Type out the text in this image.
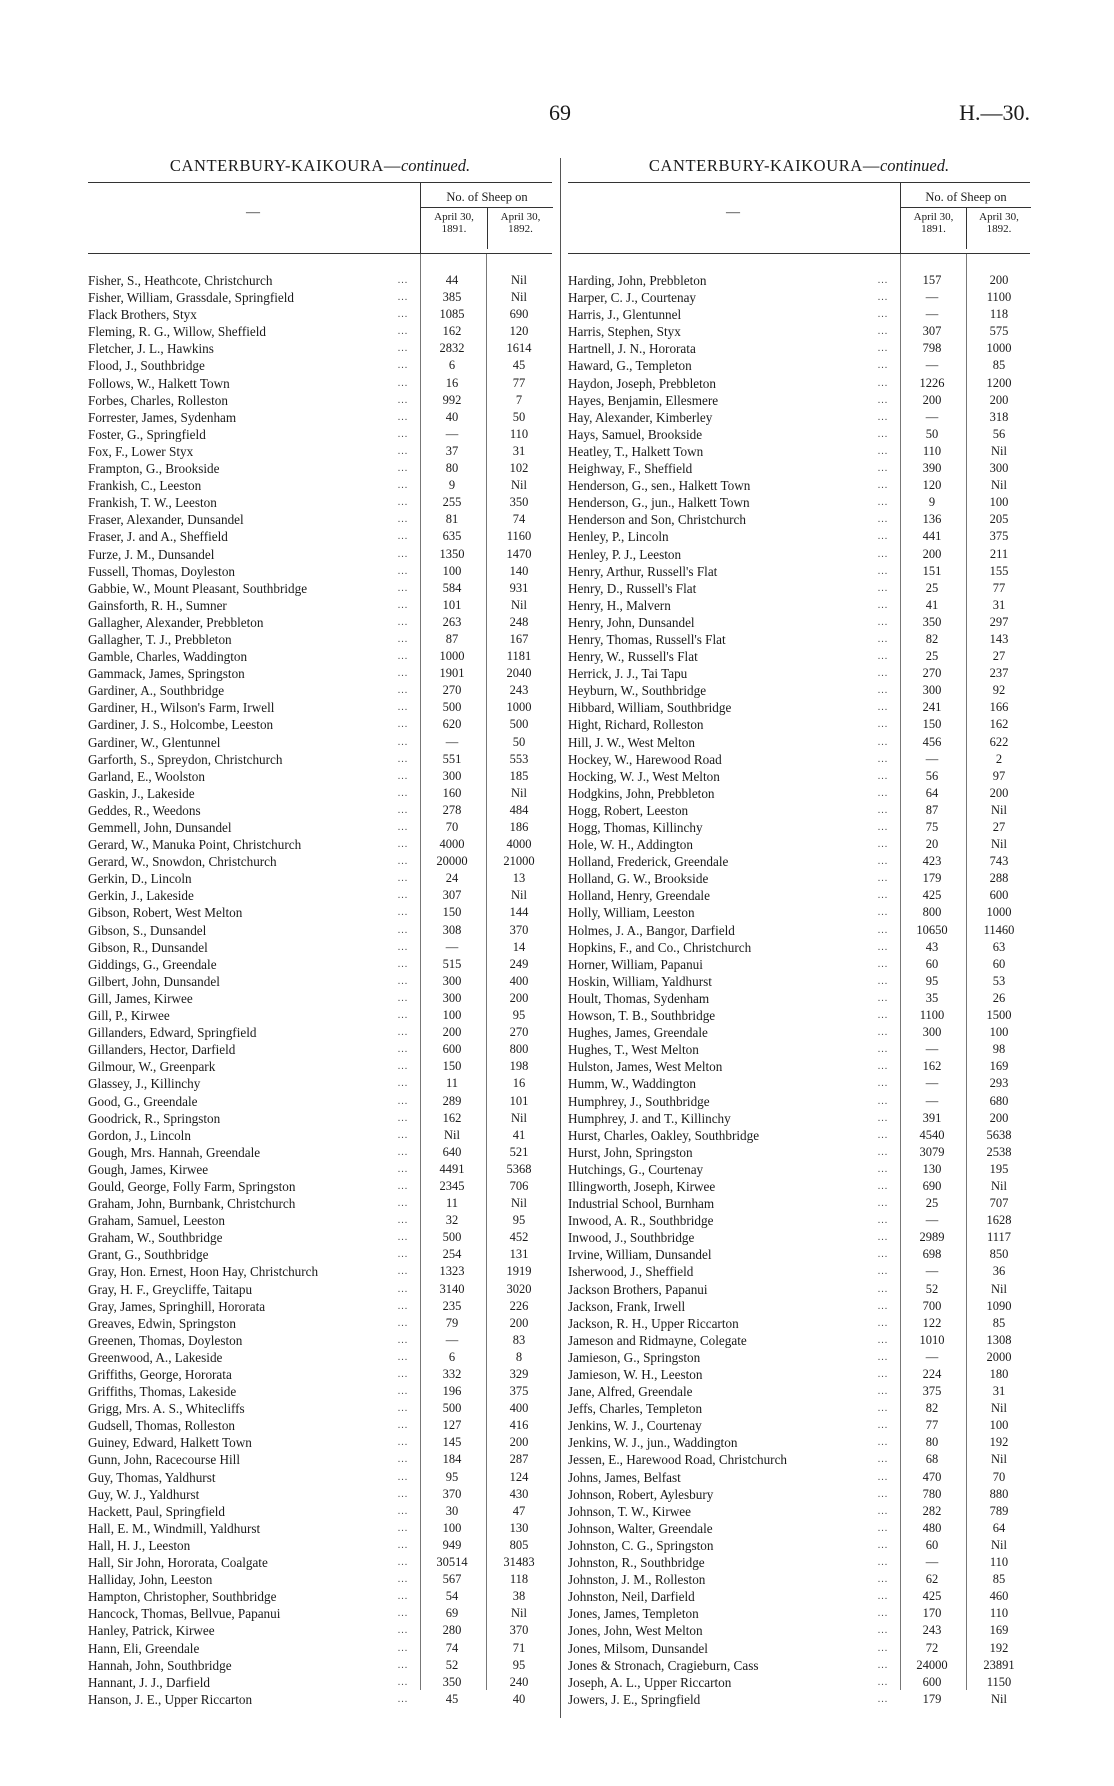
69	H.—30.
CANTERBURY-KAIKOURA—continued.
—
No. of Sheep on
April 30,
1891.
April 30,
1892.
Fisher, S., Heathcote, Christchurch	...	44	Nil
Fisher, William, Grassdale, Springfield	...	385	Nil
Flack Brothers, Styx	...	1085	690
Fleming, R. G., Willow, Sheffield	...	162	120
Fletcher, J. L., Hawkins	...	2832	1614
Flood, J., Southbridge	...	6	45
Follows, W., Halkett Town	...	16	77
Forbes, Charles, Rolleston	...	992	7
Forrester, James, Sydenham	...	40	50
Foster, G., Springfield	...	—	110
Fox, F., Lower Styx	...	37	31
Frampton, G., Brookside	...	80	102
Frankish, C., Leeston	...	9	Nil
Frankish, T. W., Leeston	...	255	350
Fraser, Alexander, Dunsandel	...	81	74
Fraser, J. and A., Sheffield	...	635	1160
Furze, J. M., Dunsandel	...	1350	1470
Fussell, Thomas, Doyleston	...	100	140
Gabbie, W., Mount Pleasant, Southbridge	...	584	931
Gainsforth, R. H., Sumner	...	101	Nil
Gallagher, Alexander, Prebbleton	...	263	248
Gallagher, T. J., Prebbleton	...	87	167
Gamble, Charles, Waddington	...	1000	1181
Gammack, James, Springston	...	1901	2040
Gardiner, A., Southbridge	...	270	243
Gardiner, H., Wilson's Farm, Irwell	...	500	1000
Gardiner, J. S., Holcombe, Leeston	...	620	500
Gardiner, W., Glentunnel	...	—	50
Garforth, S., Spreydon, Christchurch	...	551	553
Garland, E., Woolston	...	300	185
Gaskin, J., Lakeside	...	160	Nil
Geddes, R., Weedons	...	278	484
Gemmell, John, Dunsandel	...	70	186
Gerard, W., Manuka Point, Christchurch	...	4000	4000
Gerard, W., Snowdon, Christchurch	...	20000	21000
Gerkin, D., Lincoln	...	24	13
Gerkin, J., Lakeside	...	307	Nil
Gibson, Robert, West Melton	...	150	144
Gibson, S., Dunsandel	...	308	370
Gibson, R., Dunsandel	...	—	14
Giddings, G., Greendale	...	515	249
Gilbert, John, Dunsandel	...	300	400
Gill, James, Kirwee	...	300	200
Gill, P., Kirwee	...	100	95
Gillanders, Edward, Springfield	...	200	270
Gillanders, Hector, Darfield	...	600	800
Gilmour, W., Greenpark	...	150	198
Glassey, J., Killinchy	...	11	16
Good, G., Greendale	...	289	101
Goodrick, R., Springston	...	162	Nil
Gordon, J., Lincoln	...	Nil	41
Gough, Mrs. Hannah, Greendale	...	640	521
Gough, James, Kirwee	...	4491	5368
Gould, George, Folly Farm, Springston	...	2345	706
Graham, John, Burnbank, Christchurch	...	11	Nil
Graham, Samuel, Leeston	...	32	95
Graham, W., Southbridge	...	500	452
Grant, G., Southbridge	...	254	131
Gray, Hon. Ernest, Hoon Hay, Christchurch	...	1323	1919
Gray, H. F., Greycliffe, Taitapu	...	3140	3020
Gray, James, Springhill, Hororata	...	235	226
Greaves, Edwin, Springston	...	79	200
Greenen, Thomas, Doyleston	...	—	83
Greenwood, A., Lakeside	...	6	8
Griffiths, George, Hororata	...	332	329
Griffiths, Thomas, Lakeside	...	196	375
Grigg, Mrs. A. S., Whitecliffs	...	500	400
Gudsell, Thomas, Rolleston	...	127	416
Guiney, Edward, Halkett Town	...	145	200
Gunn, John, Racecourse Hill	...	184	287
Guy, Thomas, Yaldhurst	...	95	124
Guy, W. J., Yaldhurst	...	370	430
Hackett, Paul, Springfield	...	30	47
Hall, E. M., Windmill, Yaldhurst	...	100	130
Hall, H. J., Leeston	...	949	805
Hall, Sir John, Hororata, Coalgate	...	30514	31483
Halliday, John, Leeston	...	567	118
Hampton, Christopher, Southbridge	...	54	38
Hancock, Thomas, Bellvue, Papanui	...	69	Nil
Hanley, Patrick, Kirwee	...	280	370
Hann, Eli, Greendale	...	74	71
Hannah, John, Southbridge	...	52	95
Hannant, J. J., Darfield	...	350	240
Hanson, J. E., Upper Riccarton	...	45	40
CANTERBURY-KAIKOURA—continued.
—
No. of Sheep on
April 30,
1891.
April 30,
1892.
Harding, John, Prebbleton	...	157	200
Harper, C. J., Courtenay	...	—	1100
Harris, J., Glentunnel	...	—	118
Harris, Stephen, Styx	...	307	575
Hartnell, J. N., Hororata	...	798	1000
Haward, G., Templeton	...	—	85
Haydon, Joseph, Prebbleton	...	1226	1200
Hayes, Benjamin, Ellesmere	...	200	200
Hay, Alexander, Kimberley	...	—	318
Hays, Samuel, Brookside	...	50	56
Heatley, T., Halkett Town	...	110	Nil
Heighway, F., Sheffield	...	390	300
Henderson, G., sen., Halkett Town	...	120	Nil
Henderson, G., jun., Halkett Town	...	9	100
Henderson and Son, Christchurch	...	136	205
Henley, P., Lincoln	...	441	375
Henley, P. J., Leeston	...	200	211
Henry, Arthur, Russell's Flat	...	151	155
Henry, D., Russell's Flat	...	25	77
Henry, H., Malvern	...	41	31
Henry, John, Dunsandel	...	350	297
Henry, Thomas, Russell's Flat	...	82	143
Henry, W., Russell's Flat	...	25	27
Herrick, J. J., Tai Tapu	...	270	237
Heyburn, W., Southbridge	...	300	92
Hibbard, William, Southbridge	...	241	166
Hight, Richard, Rolleston	...	150	162
Hill, J. W., West Melton	...	456	622
Hockey, W., Harewood Road	...	—	2
Hocking, W. J., West Melton	...	56	97
Hodgkins, John, Prebbleton	...	64	200
Hogg, Robert, Leeston	...	87	Nil
Hogg, Thomas, Killinchy	...	75	27
Hole, W. H., Addington	...	20	Nil
Holland, Frederick, Greendale	...	423	743
Holland, G. W., Brookside	...	179	288
Holland, Henry, Greendale	...	425	600
Holly, William, Leeston	...	800	1000
Holmes, J. A., Bangor, Darfield	...	10650	11460
Hopkins, F., and Co., Christchurch	...	43	63
Horner, William, Papanui	...	60	60
Hoskin, William, Yaldhurst	...	95	53
Hoult, Thomas, Sydenham	...	35	26
Howson, T. B., Southbridge	...	1100	1500
Hughes, James, Greendale	...	300	100
Hughes, T., West Melton	...	—	98
Hulston, James, West Melton	...	162	169
Humm, W., Waddington	...	—	293
Humphrey, J., Southbridge	...	—	680
Humphrey, J. and T., Killinchy	...	391	200
Hurst, Charles, Oakley, Southbridge	...	4540	5638
Hurst, John, Springston	...	3079	2538
Hutchings, G., Courtenay	...	130	195
Illingworth, Joseph, Kirwee	...	690	Nil
Industrial School, Burnham	...	25	707
Inwood, A. R., Southbridge	...	—	1628
Inwood, J., Southbridge	...	2989	1117
Irvine, William, Dunsandel	...	698	850
Isherwood, J., Sheffield	...	—	36
Jackson Brothers, Papanui	...	52	Nil
Jackson, Frank, Irwell	...	700	1090
Jackson, R. H., Upper Riccarton	...	122	85
Jameson and Ridmayne, Colegate	...	1010	1308
Jamieson, G., Springston	...	—	2000
Jamieson, W. H., Leeston	...	224	180
Jane, Alfred, Greendale	...	375	31
Jeffs, Charles, Templeton	...	82	Nil
Jenkins, W. J., Courtenay	...	77	100
Jenkins, W. J., jun., Waddington	...	80	192
Jessen, E., Harewood Road, Christchurch	...	68	Nil
Johns, James, Belfast	...	470	70
Johnson, Robert, Aylesbury	...	780	880
Johnson, T. W., Kirwee	...	282	789
Johnson, Walter, Greendale	...	480	64
Johnston, C. G., Springston	...	60	Nil
Johnston, R., Southbridge	...	—	110
Johnston, J. M., Rolleston	...	62	85
Johnston, Neil, Darfield	...	425	460
Jones, James, Templeton	...	170	110
Jones, John, West Melton	...	243	169
Jones, Milsom, Dunsandel	...	72	192
Jones & Stronach, Cragieburn, Cass	...	24000	23891
Joseph, A. L., Upper Riccarton	...	600	1150
Jowers, J. E., Springfield	...	179	Nil
